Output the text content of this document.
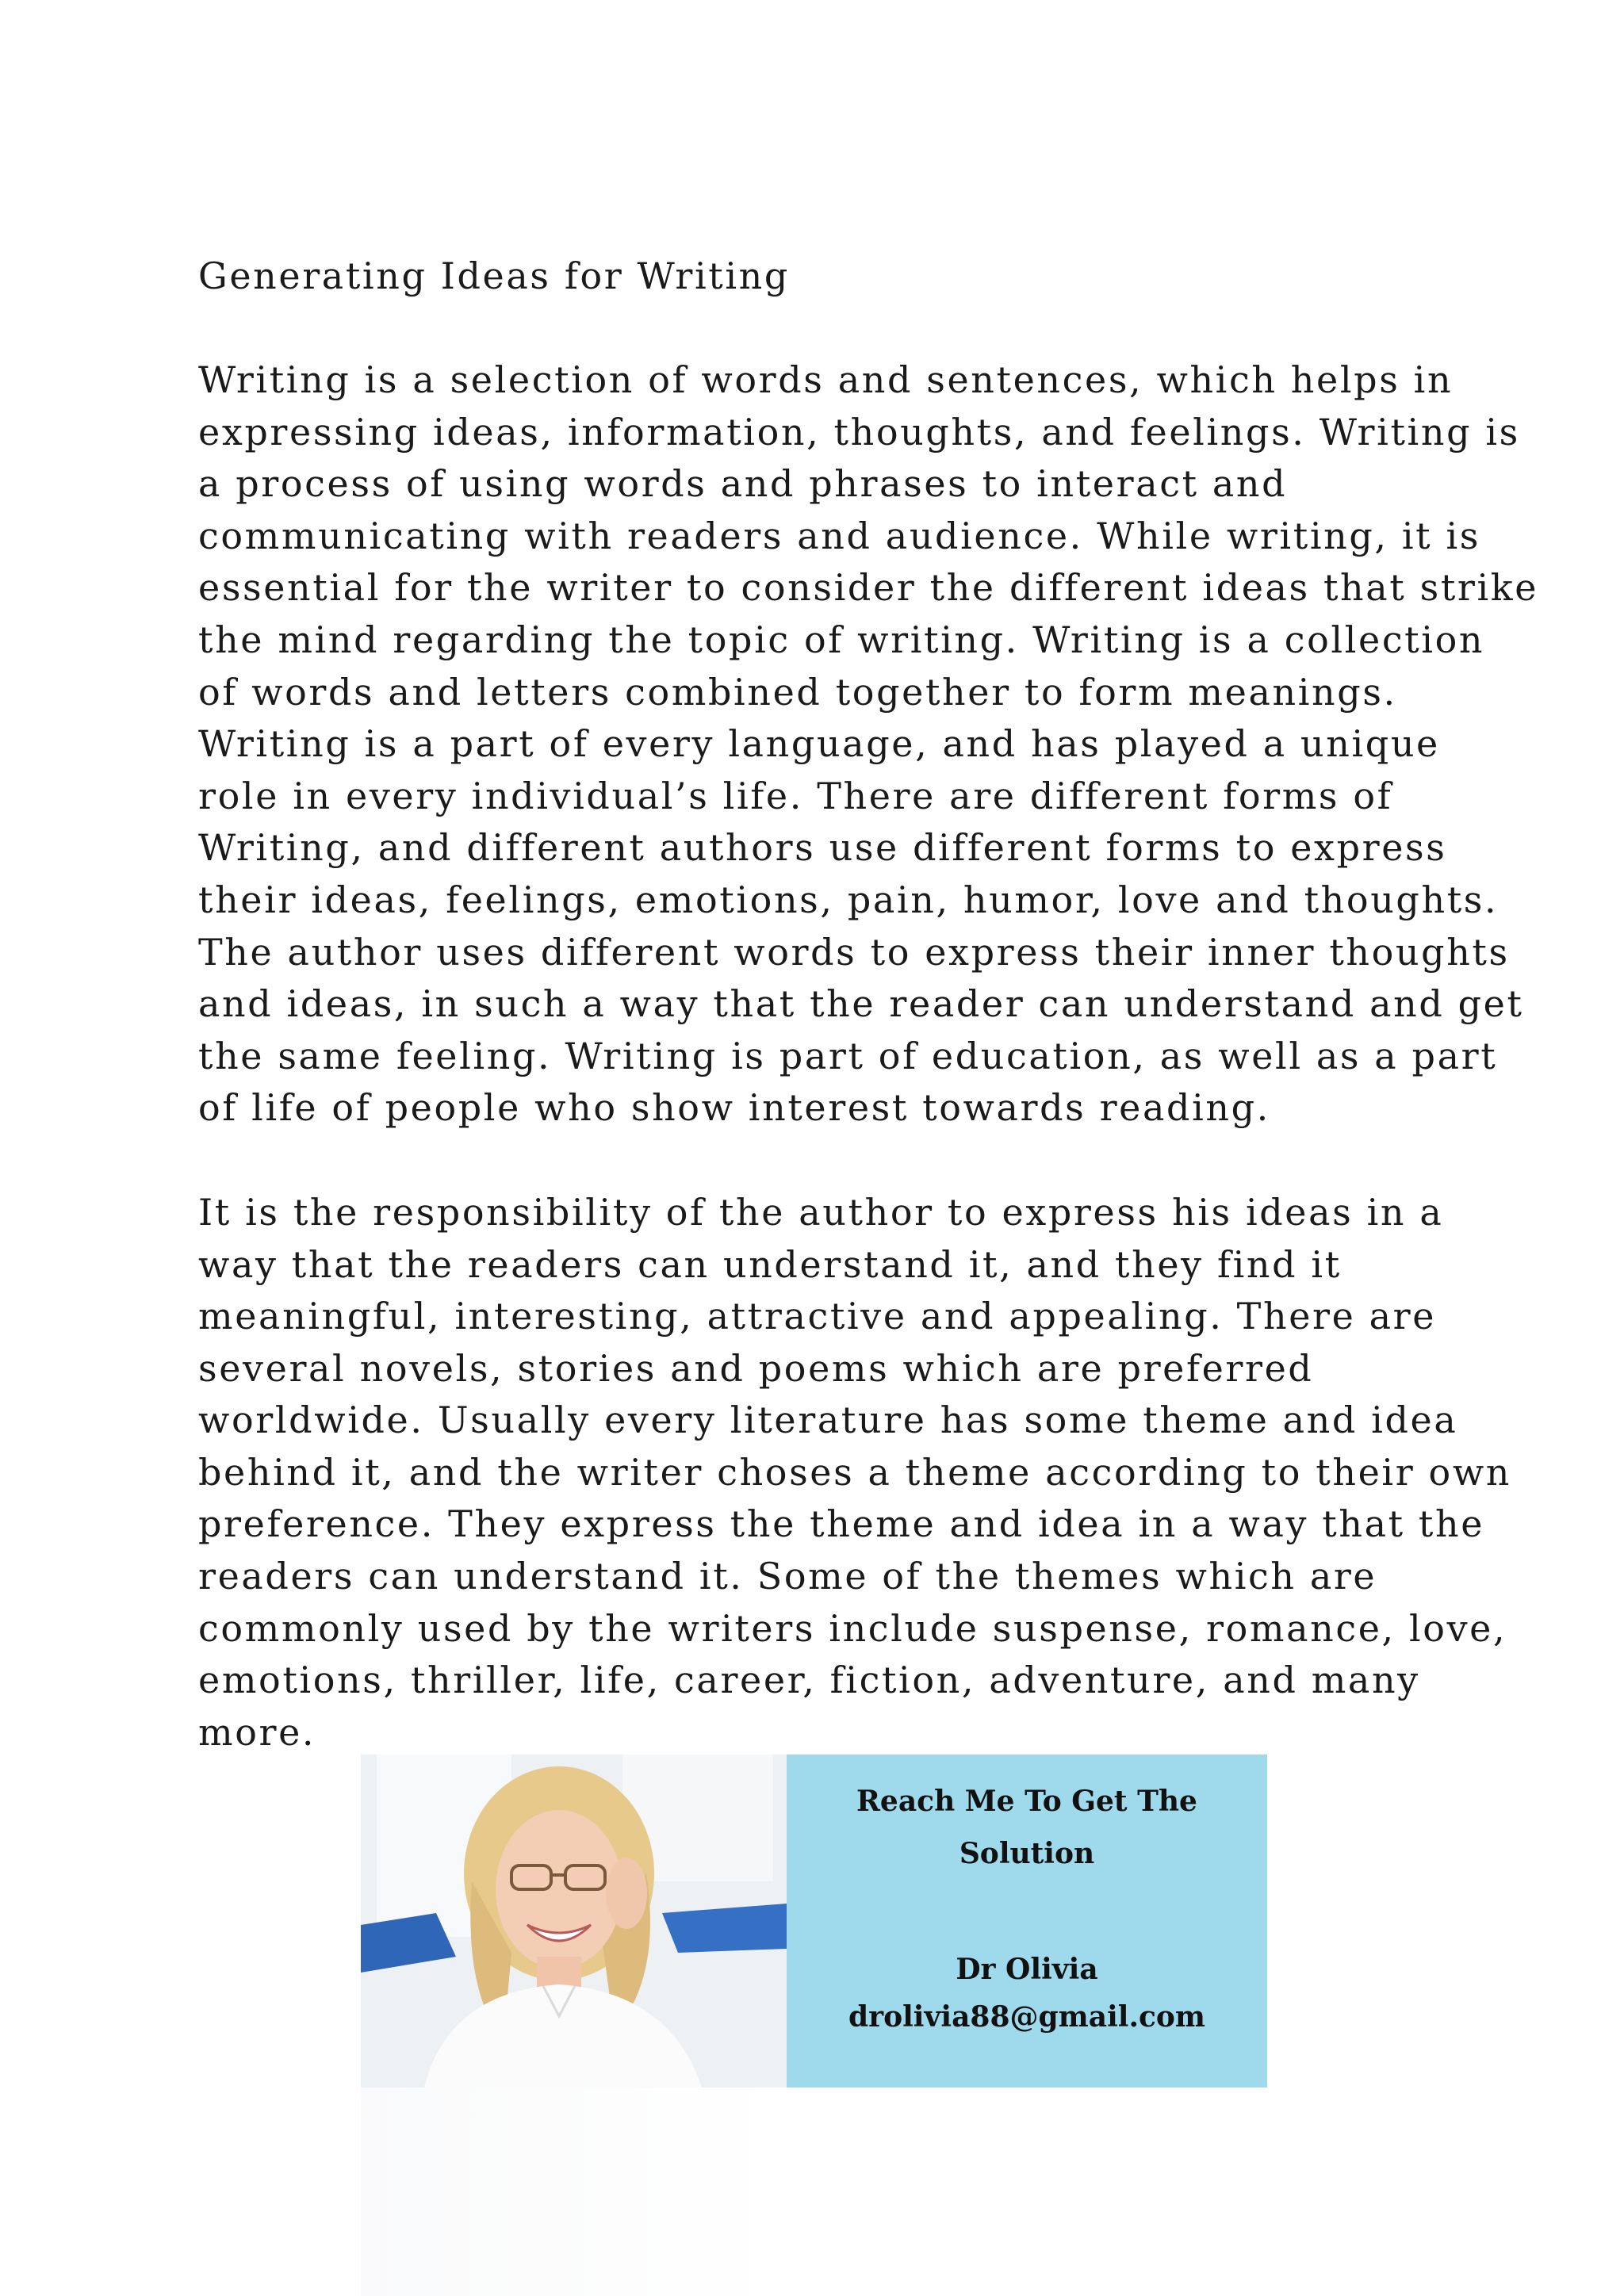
Generating Ideas for Writing
Writing is a selection of words and sentences, which helps in
expressing ideas, information, thoughts, and feelings. Writing is
a process of using words and phrases to interact and
communicating with readers and audience. While writing, it is
essential for the writer to consider the different ideas that strike
the mind regarding the topic of writing. Writing is a collection
of words and letters combined together to form meanings.
Writing is a part of every language, and has played a unique
role in every individual’s life. There are different forms of
Writing, and different authors use different forms to express
their ideas, feelings, emotions, pain, humor, love and thoughts.
The author uses different words to express their inner thoughts
and ideas, in such a way that the reader can understand and get
the same feeling. Writing is part of education, as well as a part
of life of people who show interest towards reading.
It is the responsibility of the author to express his ideas in a
way that the readers can understand it, and they find it
meaningful, interesting, attractive and appealing. There are
several novels, stories and poems which are preferred
worldwide. Usually every literature has some theme and idea
behind it, and the writer choses a theme according to their own
preference. They express the theme and idea in a way that the
readers can understand it. Some of the themes which are
commonly used by the writers include suspense, romance, love,
emotions, thriller, life, career, fiction, adventure, and many
more.
Reach Me To Get The
Solution
Dr Olivia
drolivia88@gmail.com
